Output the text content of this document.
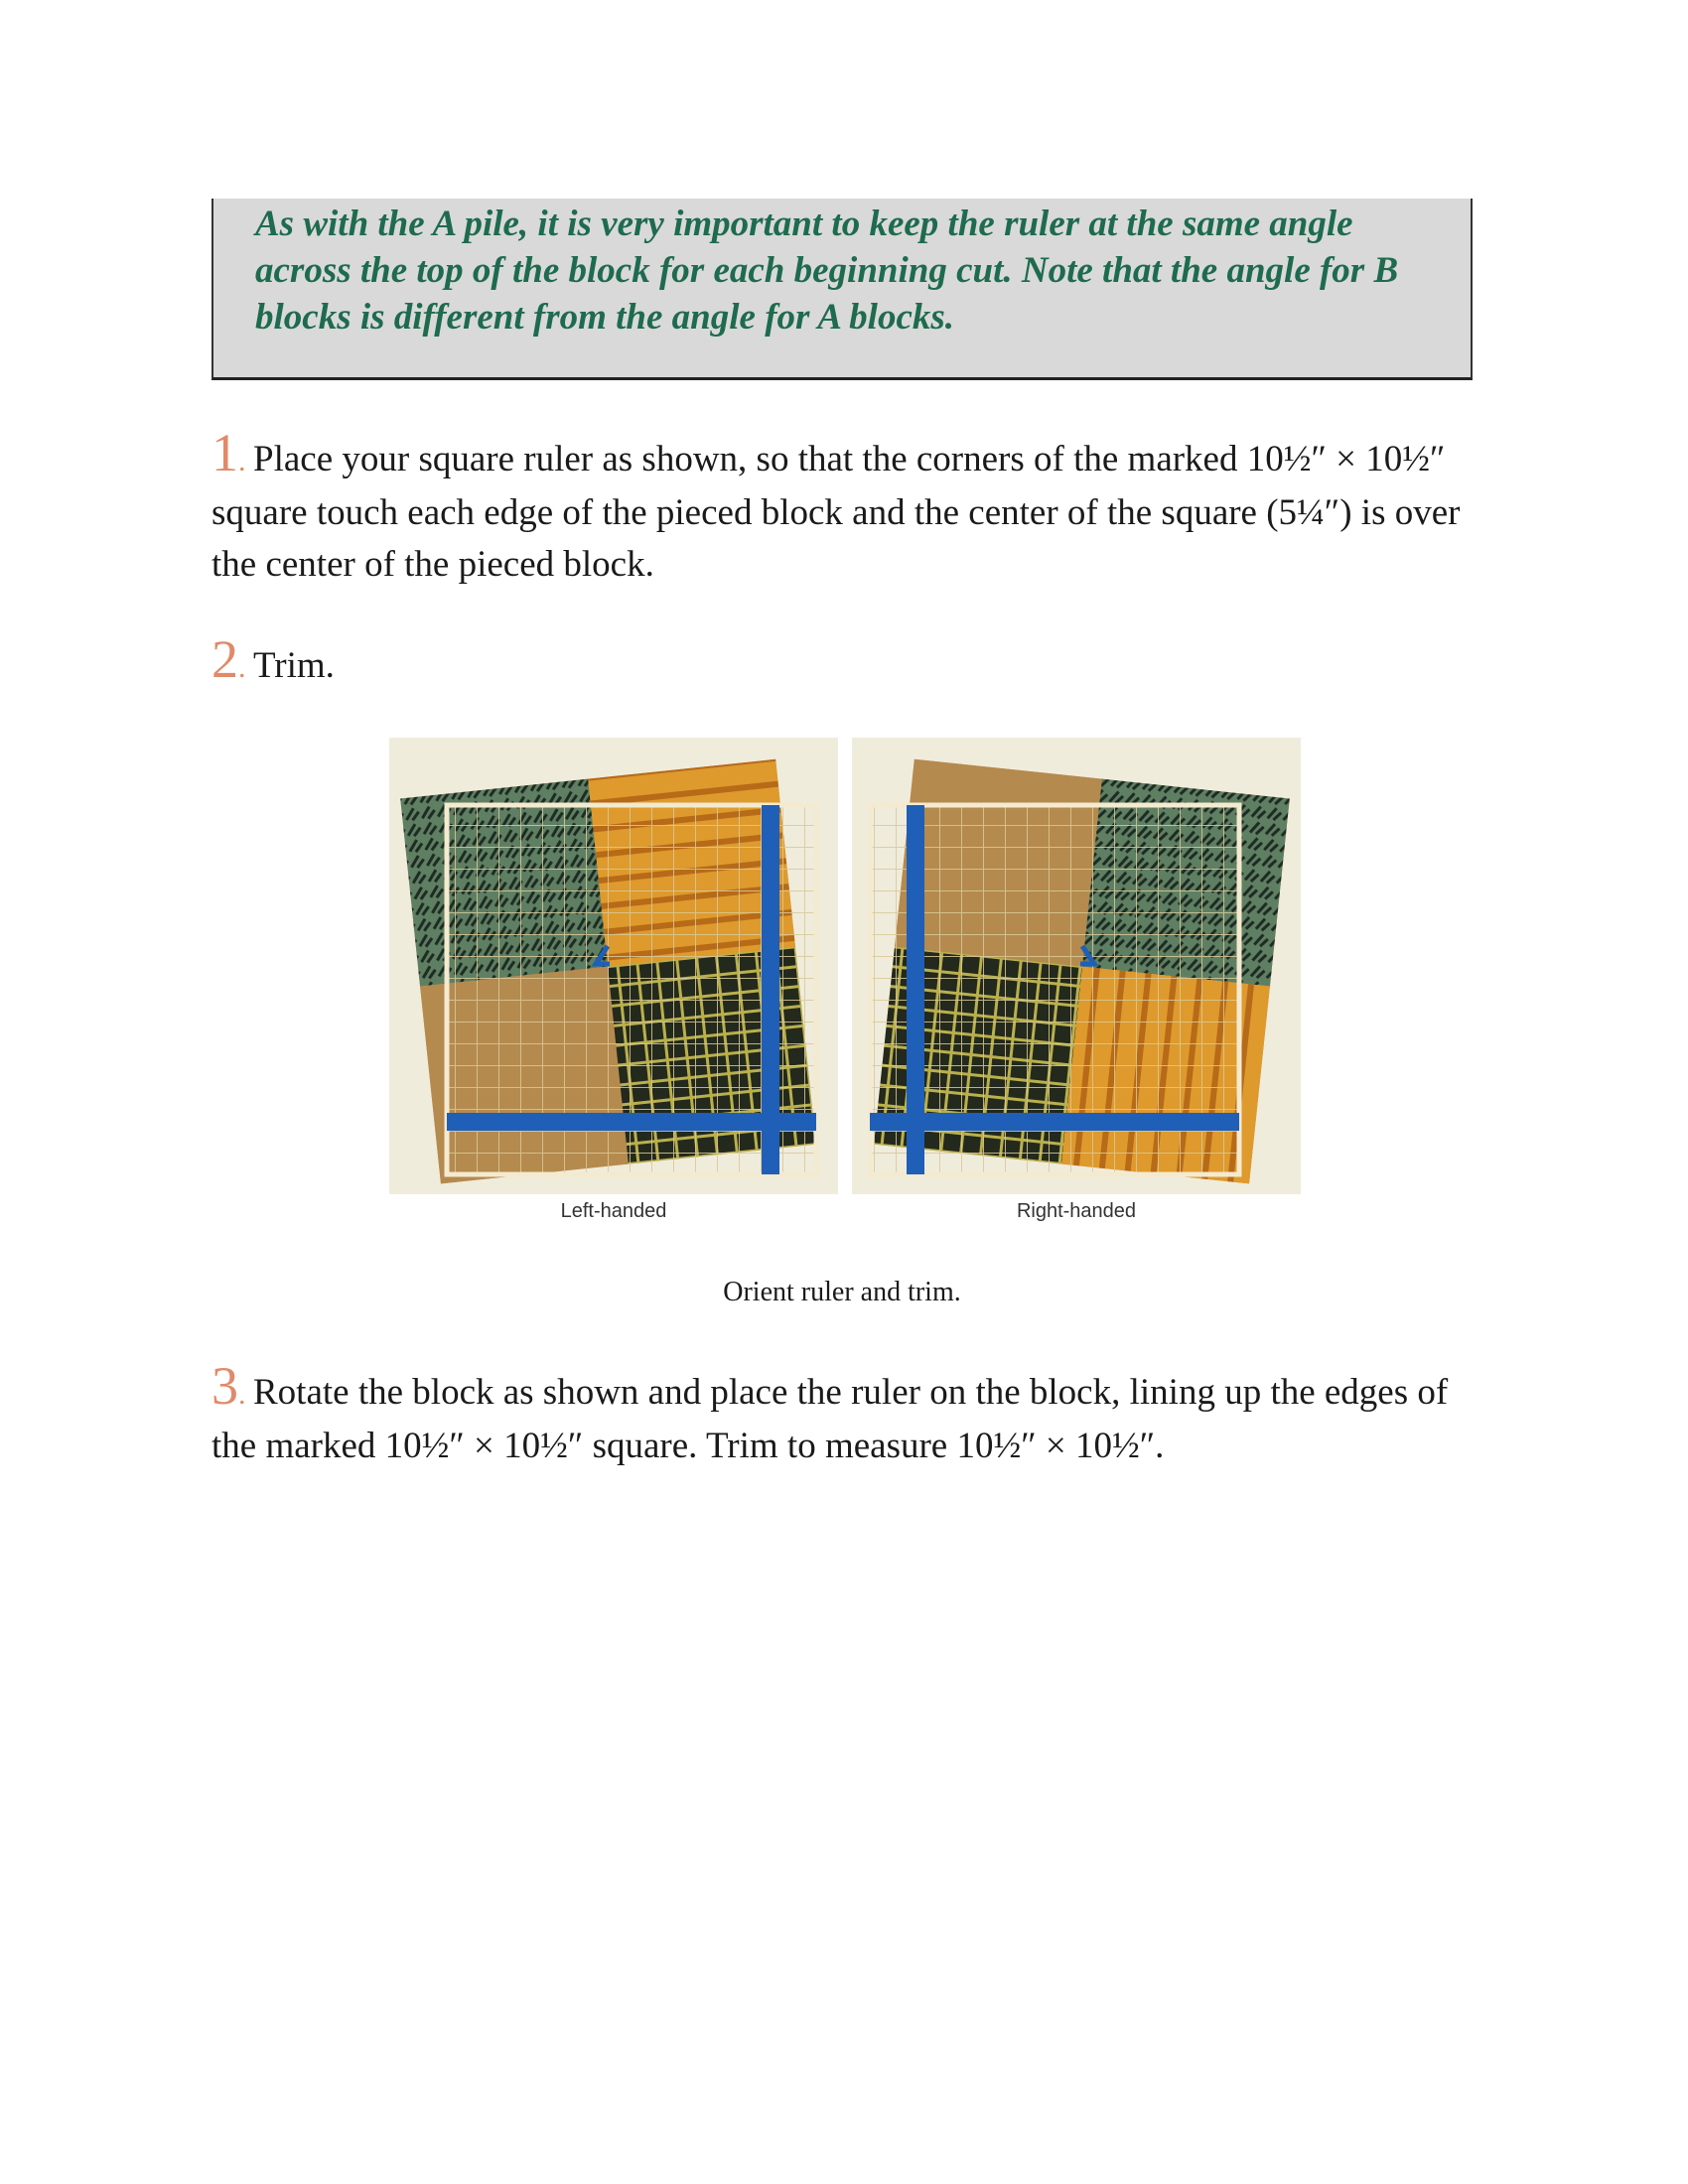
As with the A pile, it is very important to keep the ruler at the same angle across the top of the block for each beginning cut. Note that the angle for B blocks is different from the angle for A blocks.

1. Place your square ruler as shown, so that the corners of the marked 10½″ × 10½″ square touch each edge of the pieced block and the center of the square (5¼″) is over the center of the pieced block.
2. Trim.
Left-handed	Right-handed
Orient ruler and trim.
3. Rotate the block as shown and place the ruler on the block, lining up the edges of the marked 10½″ × 10½″ square. Trim to measure 10½″ × 10½″.
